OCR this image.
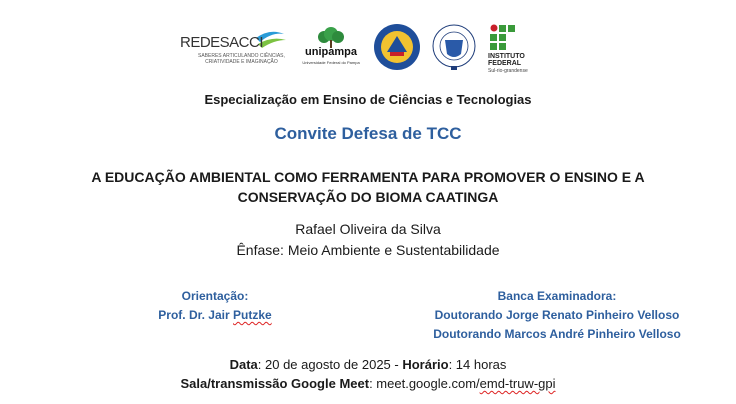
REDESACCI
SABERES ARTICULANDO CIÊNCIAS,
CRIATIVIDADE E IMAGINAÇÃO
unipampa
Universidade Federal do Pampa
INSTITUTO
FEDERAL
Sul-rio-grandense
Especialização em Ensino de Ciências e Tecnologias
Convite Defesa de TCC
A EDUCAÇÃO AMBIENTAL COMO FERRAMENTA PARA PROMOVER O ENSINO E A
CONSERVAÇÃO DO BIOMA CAATINGA
Rafael Oliveira da Silva
Ênfase: Meio Ambiente e Sustentabilidade
Orientação:
Prof. Dr. Jair Putzke
Banca Examinadora:
Doutorando Jorge Renato Pinheiro Velloso
Doutorando Marcos André Pinheiro Velloso
Data: 20 de agosto de 2025 - Horário: 14 horas
Sala/transmissão Google Meet: meet.google.com/emd-truw-gpi
